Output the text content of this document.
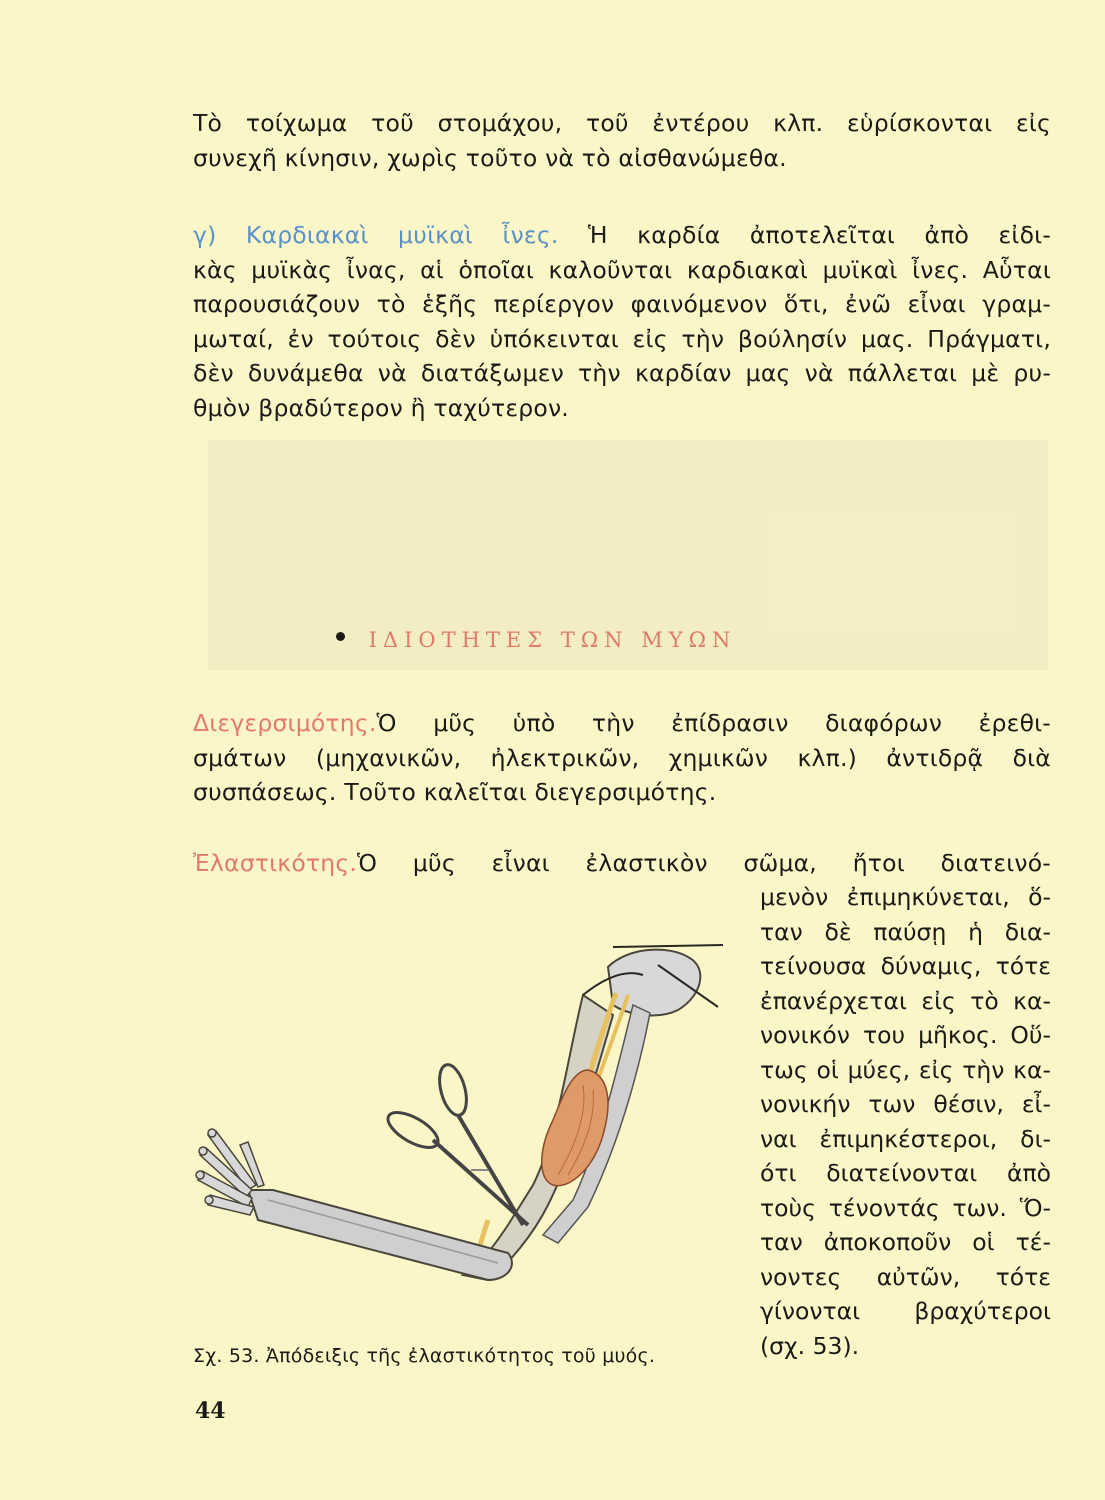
Τὸ τοίχωμα τοῦ στομάχου, τοῦ ἐντέρου κλπ. εὑρίσκονται εἰς
συνεχῆ κίνησιν, χωρὶς τοῦτο νὰ τὸ αἰσθανώμεθα.
γ) Καρδιακαὶ μυϊκαὶ ἶνες. Ἡ καρδία ἀποτελεῖται ἀπὸ εἰδι-
κὰς μυϊκὰς ἶνας, αἱ ὁποῖαι καλοῦνται καρδιακαὶ μυϊκαὶ ἶνες. Αὗται
παρουσιάζουν τὸ ἑξῆς περίεργον φαινόμενον ὅτι, ἐνῶ εἶναι γραμ-
μωταί, ἐν τούτοις δὲν ὑπόκεινται εἰς τὴν βούλησίν μας. Πράγματι,
δὲν δυνάμεθα νὰ διατάξωμεν τὴν καρδίαν μας νὰ πάλλεται μὲ ρυ-
θμὸν βραδύτερον ἢ ταχύτερον.
ΙΔΙΟΤΗΤΕΣ ΤΩΝ ΜΥΩΝ
Διεγερσιμότης.Ὁ μῦς ὑπὸ τὴν ἐπίδρασιν διαφόρων ἐρεθι-
σμάτων (μηχανικῶν, ἠλεκτρικῶν, χημικῶν κλπ.) ἀντιδρᾷ διὰ
συσπάσεως. Τοῦτο καλεῖται διεγερσιμότης.
Ἐλαστικότης.Ὁ μῦς εἶναι ἐλαστικὸν σῶμα, ἤτοι διατεινό-
μενὸν ἐπιμηκύνεται, ὅ-
ταν δὲ παύσῃ ἡ δια-
τείνουσα δύναμις, τότε
ἐπανέρχεται εἰς τὸ κα-
νονικόν του μῆκος. Οὕ-
τως οἱ μύες, εἰς τὴν κα-
νονικήν των θέσιν, εἶ-
ναι ἐπιμηκέστεροι, δι-
ότι διατείνονται ἀπὸ
τοὺς τένοντάς των. Ὅ-
ταν ἀποκοποῦν οἱ τέ-
νοντες αὐτῶν, τότε
γίνονται βραχύτεροι
(σχ. 53).
Σχ. 53. Ἀπόδειξις τῆς ἐλαστικότητος τοῦ μυός.
44
